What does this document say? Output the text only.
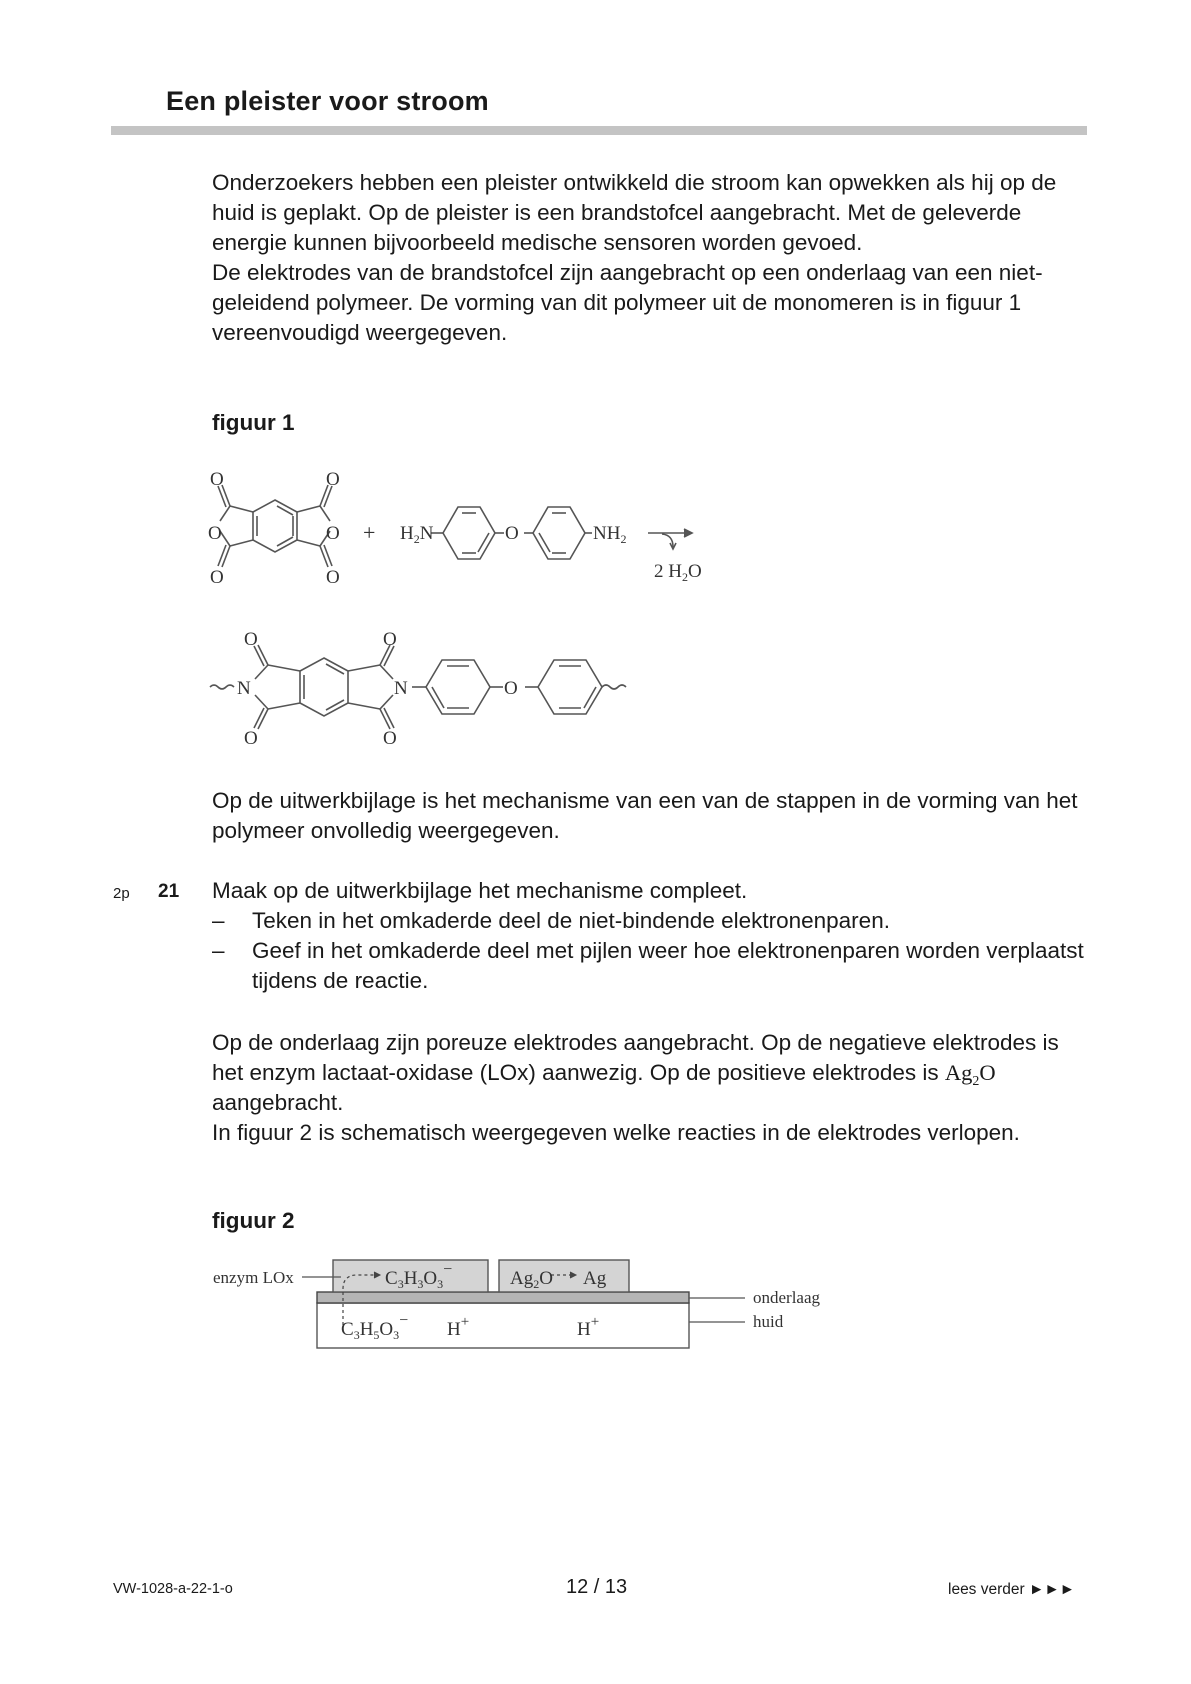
Een pleister voor stroom

Onderzoekers hebben een pleister ontwikkeld die stroom kan opwekken als hij op de huid is geplakt. Op de pleister is een brandstofcel aangebracht. Met de geleverde energie kunnen bijvoorbeeld medische sensoren worden gevoed.

De elektrodes van de brandstofcel zijn aangebracht op een onderlaag van een niet-geleidend polymeer. De vorming van dit polymeer uit de monomeren is in figuur 1 vereenvoudigd weergegeven.

figuur 1
O	O
O	O
O	O
+ $H_2N$	O	$NH_2$
2 $H_2O$
O	O
N	N	O
O	O
Op de uitwerkbijlage is het mechanisme van een van de stappen in de vorming van het polymeer onvolledig weergegeven.
2p 21 Maak op de uitwerkbijlage het mechanisme compleet.
– Teken in het omkaderde deel de niet-bindende elektronenparen.
– Geef in het omkaderde deel met pijlen weer hoe elektronenparen worden verplaatst tijdens de reactie.

Op de onderlaag zijn poreuze elektrodes aangebracht. Op de negatieve elektrodes is het enzym lactaat-oxidase (LOx) aanwezig. Op de positieve elektrodes is $Ag_2O$ aangebracht.

In figuur 2 is schematisch weergegeven welke reacties in de elektrodes verlopen.

figuur 2
enzym LOx	$C_3H_3O_3^-$	$Ag_2O$ Ag
onderlaag
huid
$C_3H_5O_3^-$ H+	H+
VW-1028-a-22-1-o	12 / 13	lees verder ►►►
